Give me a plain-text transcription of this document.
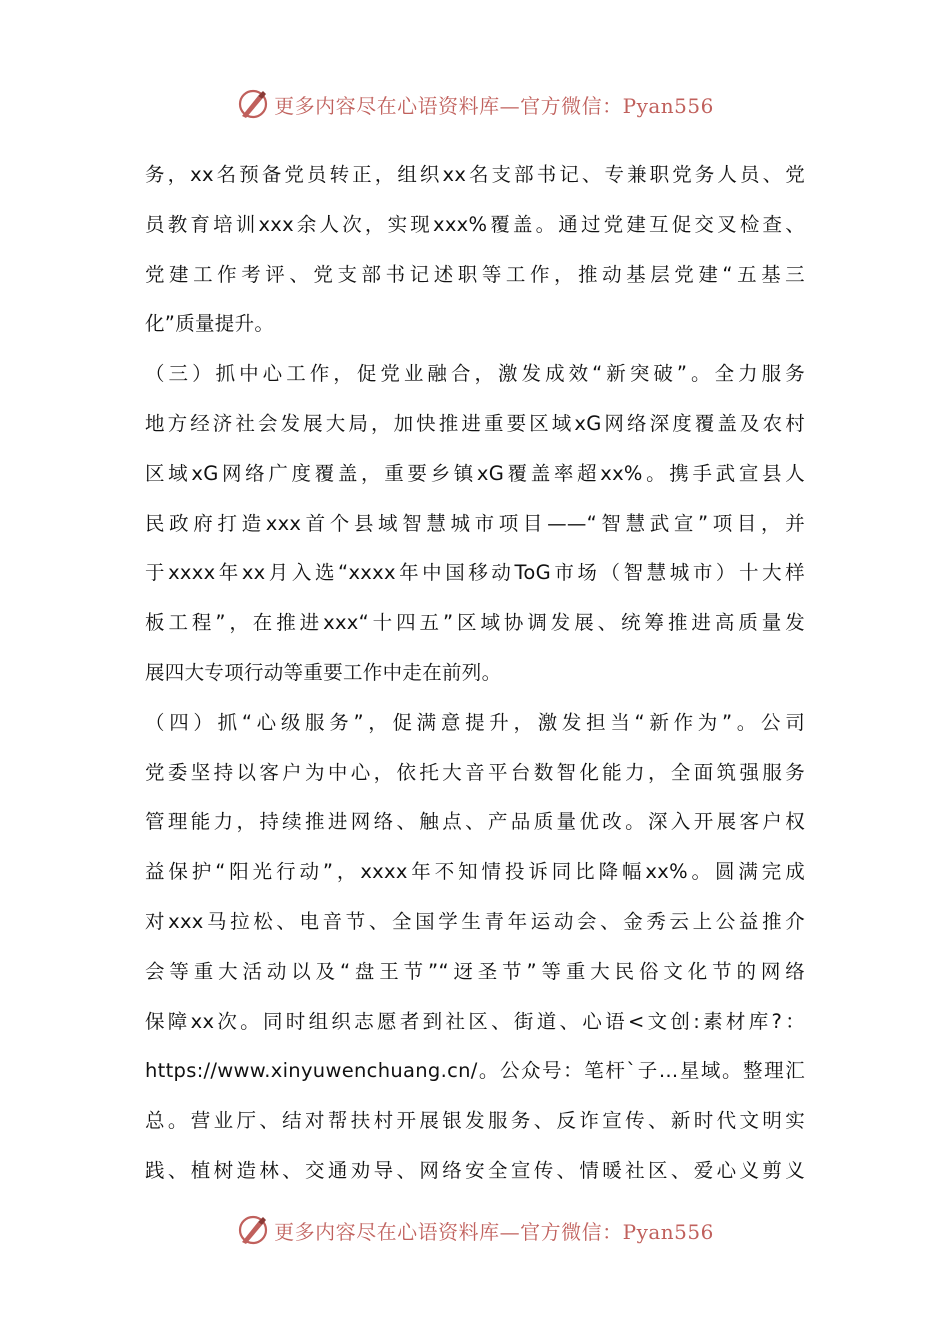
更多内容尽在心语资料库—官方微信：Pyan556
务，xx名预备党员转正，组织xx名支部书记、专兼职党务人员、党
员教育培训xxx余人次，实现xxx%覆盖。通过党建互促交叉检查、
党建工作考评、党支部书记述职等工作，推动基层党建“五基三
化”质量提升。
（三）抓中心工作，促党业融合，激发成效“新突破”。全力服务
地方经济社会发展大局，加快推进重要区域xG网络深度覆盖及农村
区域xG网络广度覆盖，重要乡镇xG覆盖率超xx%。携手武宣县人
民政府打造xxx首个县域智慧城市项目——“智慧武宣”项目，并
于xxxx年xx月入选“xxxx年中国移动ToG市场（智慧城市）十大样
板工程”，在推进xxx“十四五”区域协调发展、统筹推进高质量发
展四大专项行动等重要工作中走在前列。
（四）抓“心级服务”，促满意提升，激发担当“新作为”。公司
党委坚持以客户为中心，依托大音平台数智化能力，全面筑强服务
管理能力，持续推进网络、触点、产品质量优改。深入开展客户权
益保护“阳光行动”，xxxx年不知情投诉同比降幅xx%。圆满完成
对xxx马拉松、电音节、全国学生青年运动会、金秀云上公益推介
会等重大活动以及“盘王节”“迓圣节”等重大民俗文化节的网络
保障xx次。同时组织志愿者到社区、街道、心语<文创:素材库?：
https://www.xinyuwenchuang.cn/。公众号：笔杆`子…星域。整理汇
总。营业厅、结对帮扶村开展银发服务、反诈宣传、新时代文明实
践、植树造林、交通劝导、网络安全宣传、情暖社区、爱心义剪义
更多内容尽在心语资料库—官方微信：Pyan556
